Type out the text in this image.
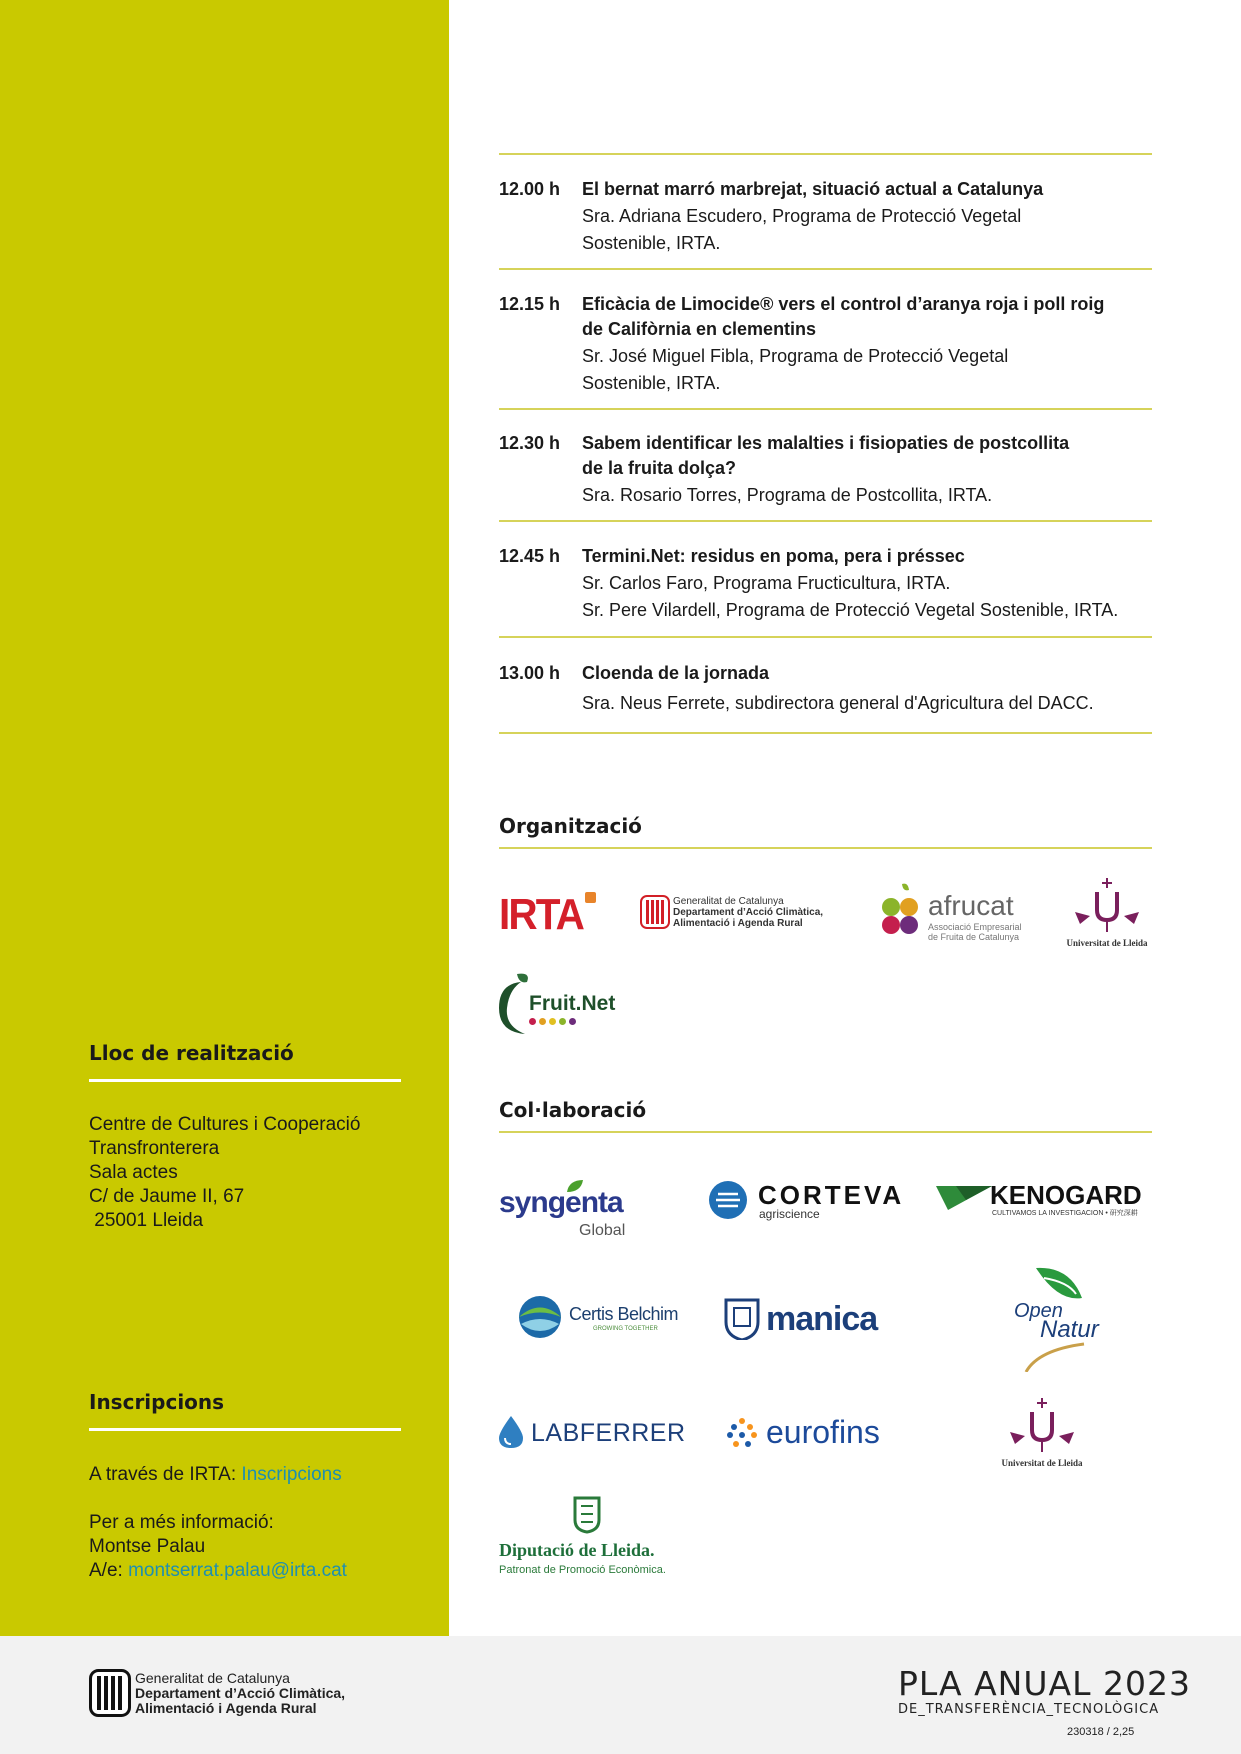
12.00 h El bernat marró marbrejat, situació actual a Catalunya
Sra. Adriana Escudero, Programa de Protecció Vegetal
Sostenible, IRTA.
12.15 h Eficàcia de Limocide® vers el control d’aranya roja i poll roig
de Califòrnia en clementins
Sr. José Miguel Fibla, Programa de Protecció Vegetal
Sostenible, IRTA.
12.30 h Sabem identificar les malalties i fisiopaties de postcollita
de la fruita dolça?
Sra. Rosario Torres, Programa de Postcollita, IRTA.
12.45 h Termini.Net: residus en poma, pera i préssec
Sr. Carlos Faro, Programa Fructicultura, IRTA.
Sr. Pere Vilardell, Programa de Protecció Vegetal Sostenible, IRTA.
13.00 h Cloenda de la jornada
Sra. Neus Ferrete, subdirectora general d'Agricultura del DACC.
Organització
IRTA	Generalitat de Catalunya
Departament d’Acció Climàtica,
Alimentació i Agenda Rural
afrucat
Associació Empresarial
de Fruita de Catalunya
Universitat de Lleida
Fruit.Net
Col·laboració
syngenta
Global
CORTEVA
agriscience
KENOGARD
CULTIVAMOS LA INVESTIGACION • 研究深耕
Certis Belchim
GROWING TOGETHER	manica	Open
Natur
LABFERRER	eurofins
Universitat de Lleida
Diputació de Lleida.
Patronat de Promoció Econòmica.
Lloc de realització
Centre de Cultures i Cooperació
Transfronterera
Sala actes
C/ de Jaume II, 67
25001 Lleida
Inscripcions
A través de IRTA: Inscripcions
Per a més informació:
Montse Palau
A/e: montserrat.palau@irta.cat
Generalitat de Catalunya
Departament d’Acció Climàtica,
Alimentació i Agenda Rural
PLA ANUAL 2023
DE_TRANSFERÈNCIA_TECNOLÒGICA
230318 / 2,25
